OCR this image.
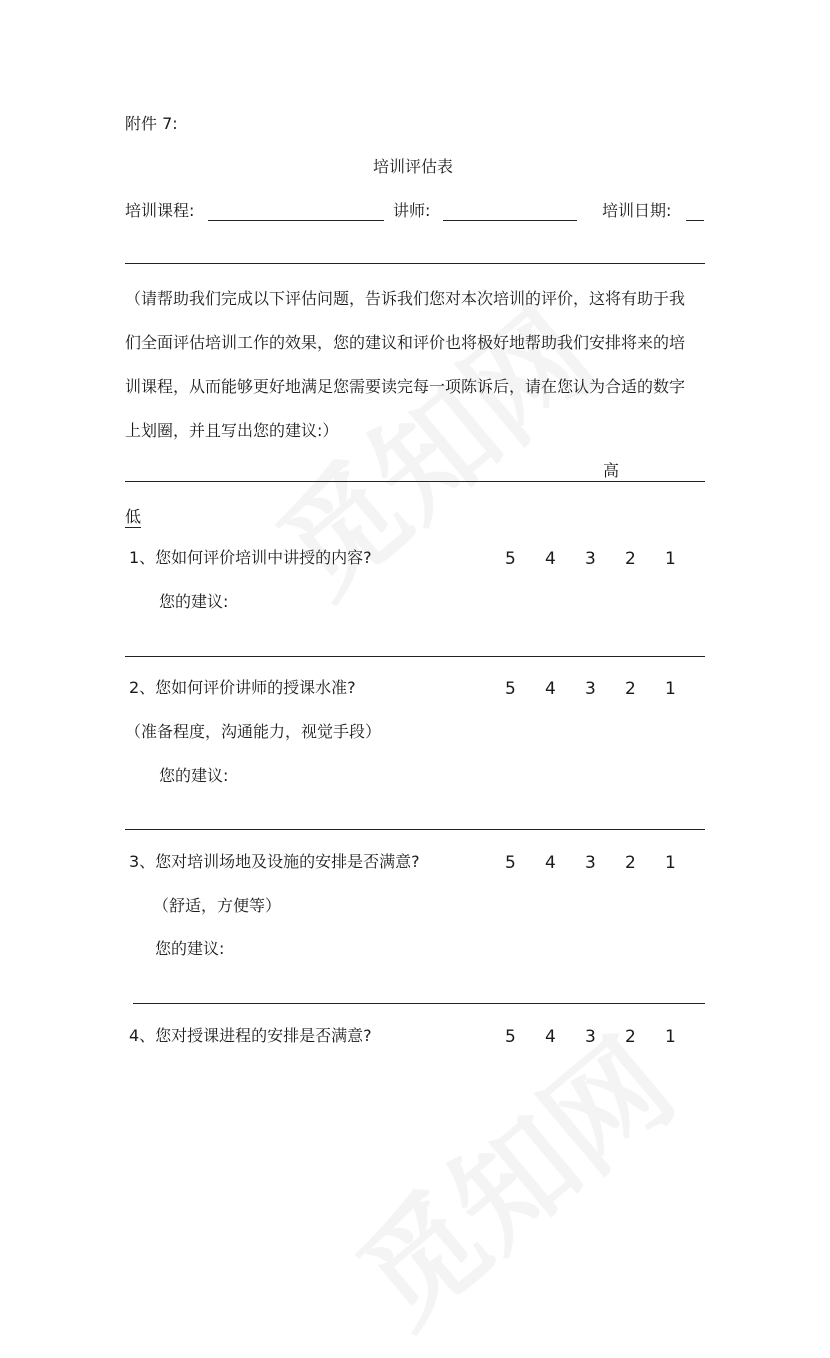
附件 7:
培训评估表
培训课程:	讲师:	培训日期:
（请帮助我们完成以下评估问题，告诉我们您对本次培训的评价，这将有助于我
们全面评估培训工作的效果，您的建议和评价也将极好地帮助我们安排将来的培
训课程，从而能够更好地满足您需要读完每一项陈诉后，请在您认为合适的数字
上划圈，并且写出您的建议:）
高
低
1、您如何评价培训中讲授的内容?	5	4	3	2	1
您的建议:
2、您如何评价讲师的授课水准?	5	4	3	2	1
（准备程度，沟通能力，视觉手段）
您的建议:
3、您对培训场地及设施的安排是否满意?	5	4	3	2	1
（舒适，方便等）
您的建议:
4、您对授课进程的安排是否满意?	5	4	3	2	1
